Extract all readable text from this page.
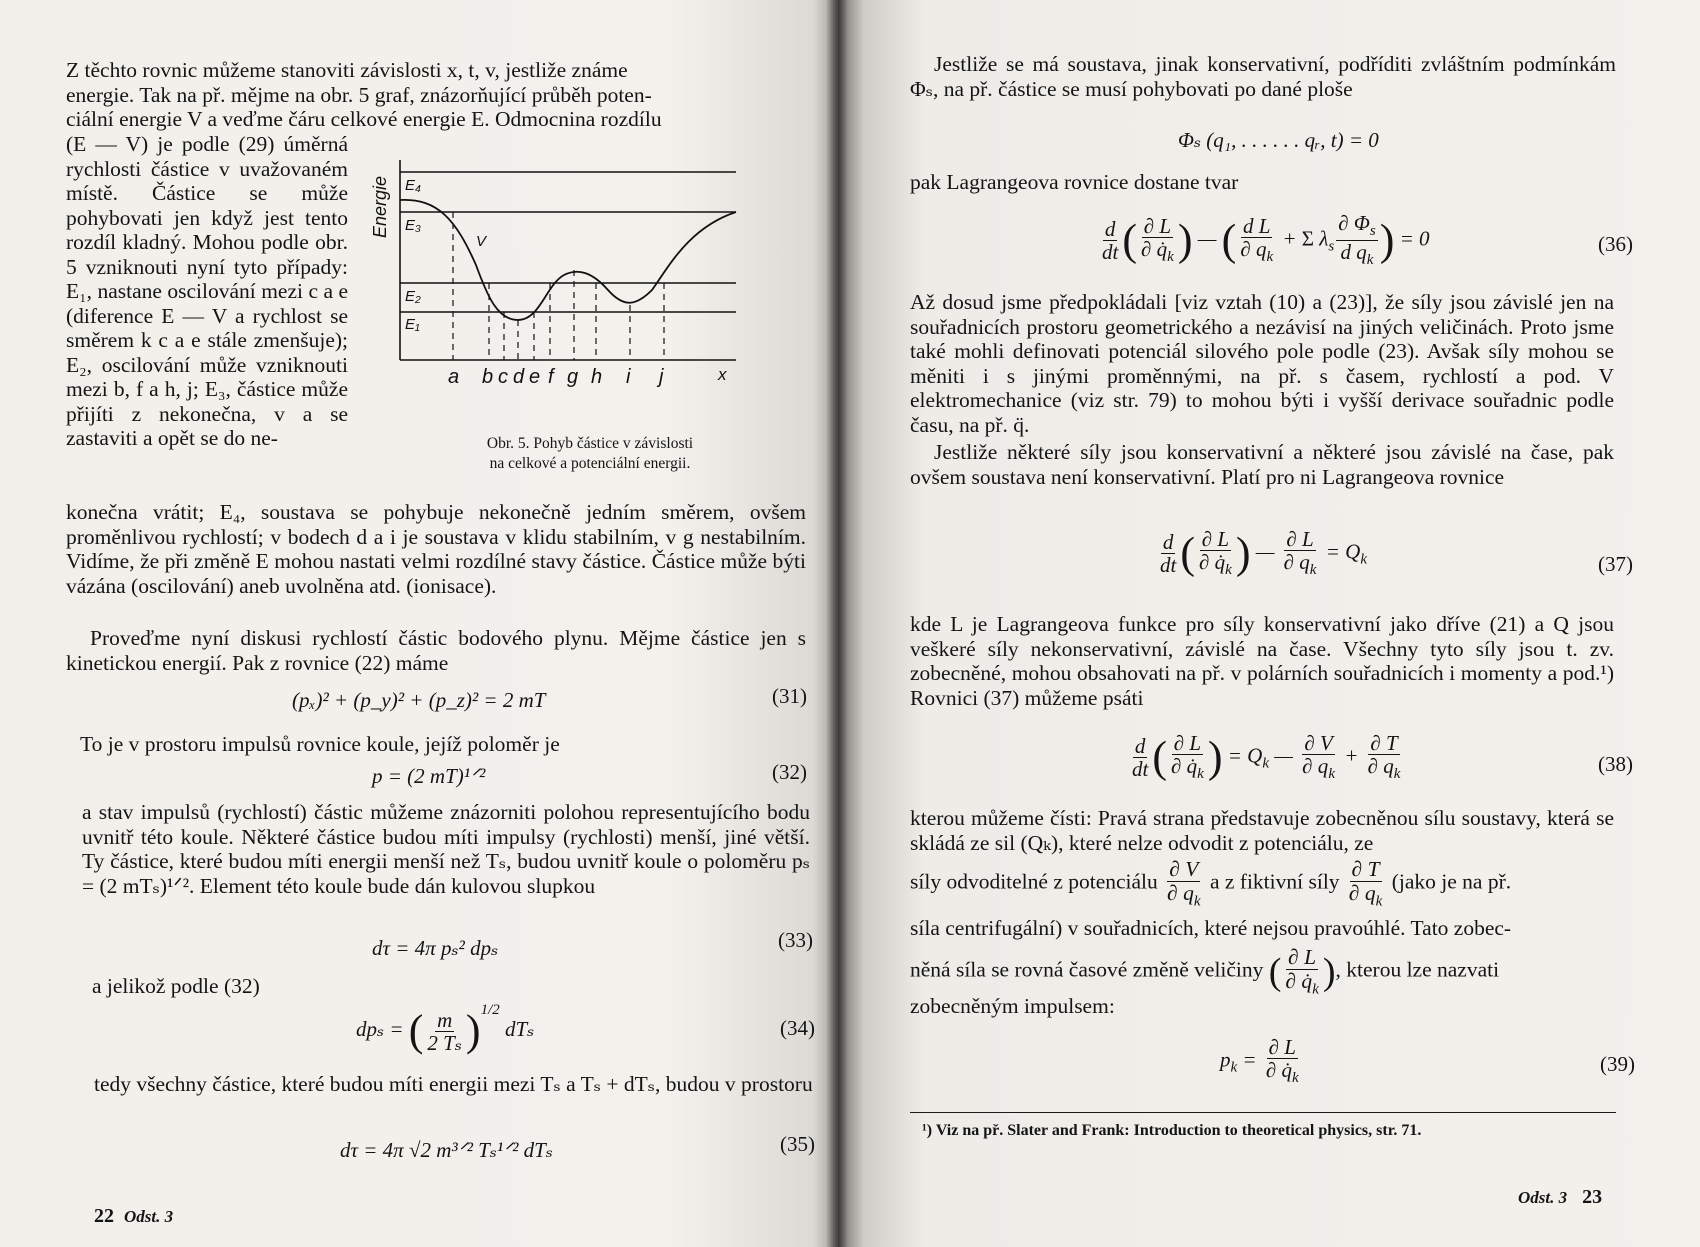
Z těchto rovnic můžeme stanoviti závislosti x, t, v, jestliže známe
energie. Tak na př. mějme na obr. 5 graf, znázorňující průběh poten-
ciální energie V a veďme čáru celkové energie E. Odmocnina rozdílu

(E — V) je podle (29) úměrná rychlosti částice v uvažovaném místě. Částice se může pohybovati jen když jest tento rozdíl kladný. Mohou podle obr. 5 vzniknouti nyní tyto případy: E₁, nastane oscilování mezi c a e (diference E — V a rychlost se směrem k c a e stále zmenšuje); E₂, oscilování může vzniknouti mezi b, f a h, j; E₃, částice může přijíti z nekonečna, v a se zastaviti a opět se do ne-

Energie E₄
E₃
E₂
E₁
V
a b c d e f g h i j	x
Obr. 5. Pohyb částice v závislosti
na celkové a potenciální energii.

konečna vrátit; E₄, soustava se pohybuje nekonečně jedním směrem, ovšem proměnlivou rychlostí; v bodech d a i je soustava v klidu stabilním, v g nestabilním. Vidíme, že při změně E mohou nastati velmi rozdílné stavy částice. Částice může býti vázána (oscilování) aneb uvolněna atd. (ionisace).

Proveďme nyní diskusi rychlostí částic bodového plynu. Mějme částice jen s kinetickou energií. Pak z rovnice (22) máme

(pₓ)² + (p_y)² + (p_z)² = 2 mT	(31)

To je v prostoru impulsů rovnice koule, jejíž poloměr je

p = (2 mT)¹ᐟ²	(32)

a stav impulsů (rychlostí) částic můžeme znázorniti polohou representujícího bodu uvnitř této koule. Některé částice budou míti impulsy (rychlosti) menší, jiné větší. Ty částice, které budou míti energii menší než Tₛ, budou uvnitř koule o poloměru pₛ = (2 mTₛ)¹ᐟ². Element této koule bude dán kulovou slupkou

dτ = 4π pₛ² dpₛ	(33)

a jelikož podle (32)

dpₛ = ( $\frac{m}{\text{2 Tₛ}} )^{1/2}$ dTₛ	(34)

tedy všechny částice, které budou míti energii mezi Tₛ a Tₛ + dTₛ, budou v prostoru

dτ = 4π √2 m³ᐟ² Tₛ¹ᐟ² dTₛ	(35)
22 Odst. 3

Jestliže se má soustava, jinak konservativní, podříditi zvláštním podmínkám Φₛ, na př. částice se musí pohybovati po dané ploše

Φₛ (q₁, . . . . . . qᵣ, t) = 0

pak Lagrangeova rovnice dostane tvar

$\frac{d}{dt}$ ( $\frac{\partial L}{\partial q̇_k}$ ) — ( $\frac{\text{d L}}{\partial q_k} + \Sigma$ $\lambda_s \frac{\partial \Phi_s}{d q_k}$ ) = 0	(36)

Až dosud jsme předpokládali [viz vztah (10) a (23)], že síly jsou závislé jen na souřadnicích prostoru geometrického a nezávisí na jiných veličinách. Proto jsme také mohli definovati potenciál silového pole podle (23). Avšak síly mohou se měniti i s jinými proměnnými, na př. s časem, rychlostí a pod. V elektromechanice (viz str. 79) to mohou býti i vyšší derivace souřadnic podle času, na př. q̈.

Jestliže některé síly jsou konservativní a některé jsou závislé na čase, pak ovšem soustava není konservativní. Platí pro ni Lagrangeova rovnice

$\frac{d}{dt}$ ( $\frac{\partial L}{\partial q̇_k}$ ) — $\frac{\partial L}{\partial q_k} = Q_k$	(37)

kde L je Lagrangeova funkce pro síly konservativní jako dříve (21) a Q jsou veškeré síly nekonservativní, závislé na čase. Všechny tyto síly jsou t. zv. zobecněné, mohou obsahovati na př. v polárních souřadnicích i momenty a pod.¹) Rovnici (37) můžeme psáti

$\frac{d}{dt}$ ( $\frac{\partial L}{\partial q̇_k}$ ) = $Q_k$ — $\frac{\partial V}{\partial q_k} + \frac{\partial T}{\partial q_k}$	(38)

kterou můžeme čísti: Pravá strana představuje zobecněnou sílu soustavy, která se skládá ze sil (Qₖ), které nelze odvodit z potenciálu, ze

síly odvoditelné z potenciálu $\frac{\partial V}{\partial q_k}$ a z fiktivní síly $\frac{\partial T}{\partial q_k}$ (jako je na př.

síla centrifugální) v souřadnicích, které nejsou pravoúhlé. Tato zobec-

něná síla se rovná časové změně veličiny ( $\frac{\partial L}{\partial q̇_k}$ ), kterou lze nazvati

zobecněným impulsem:

$p_k = \frac{\partial L}{\partial q̇_k}$	(39)
¹) Viz na př. Slater and Frank: Introduction to theoretical physics, str. 71.
Odst. 3 23
